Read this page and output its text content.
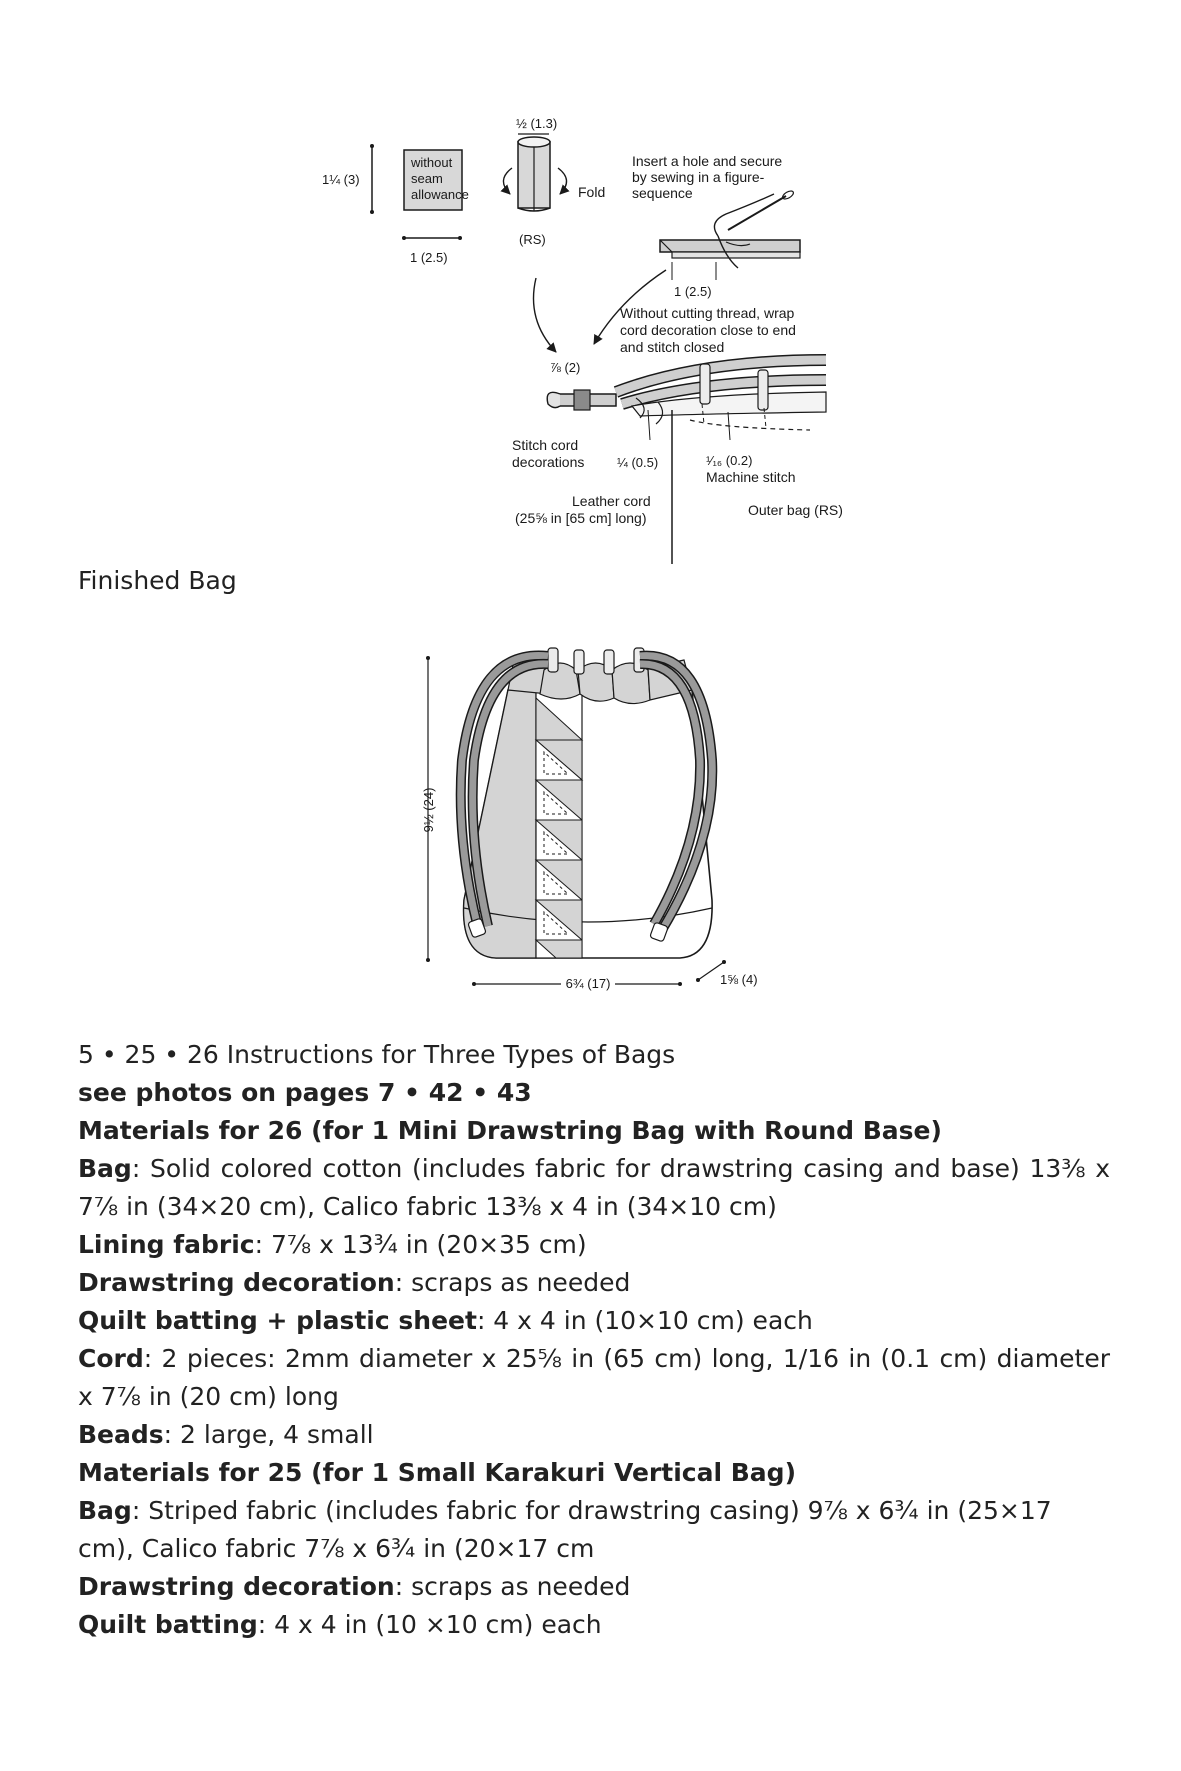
1¼ (3)
without
seam
allowance
1 (2.5)
½ (1.3)
Fold
(RS)
Insert a hole and secure
by sewing in a figure-
sequence
1 (2.5)
Without cutting thread, wrap
cord decoration close to end
and stitch closed
⅞ (2)
Stitch cord
decorations	¼ (0.5)	¹⁄₁₆ (0.2)
Machine stitch
Leather cord
(25⅝ in [65 cm] long)	Outer bag (RS)
Finished Bag
9½ (24)
6¾ (17)	1⅝ (4)
5 • 25 • 26 Instructions for Three Types of Bags
see photos on pages 7 • 42 • 43
Materials for 26 (for 1 Mini Drawstring Bag with Round Base)
Bag: Solid colored cotton (includes fabric for drawstring casing and base) 13⅜ x 7⅞ in (34×20 cm), Calico fabric 13⅜ x 4 in (34×10 cm)
Lining fabric: 7⅞ x 13¾ in (20×35 cm)
Drawstring decoration: scraps as needed
Quilt batting + plastic sheet: 4 x 4 in (10×10 cm) each
Cord: 2 pieces: 2mm diameter x 25⅝ in (65 cm) long, 1/16 in (0.1 cm) diameter x 7⅞ in (20 cm) long
Beads: 2 large, 4 small
Materials for 25 (for 1 Small Karakuri Vertical Bag)
Bag: Striped fabric (includes fabric for drawstring casing) 9⅞ x 6¾ in (25×17 cm), Calico fabric 7⅞ x 6¾ in (20×17 cm
Drawstring decoration: scraps as needed
Quilt batting: 4 x 4 in (10 ×10 cm) each
